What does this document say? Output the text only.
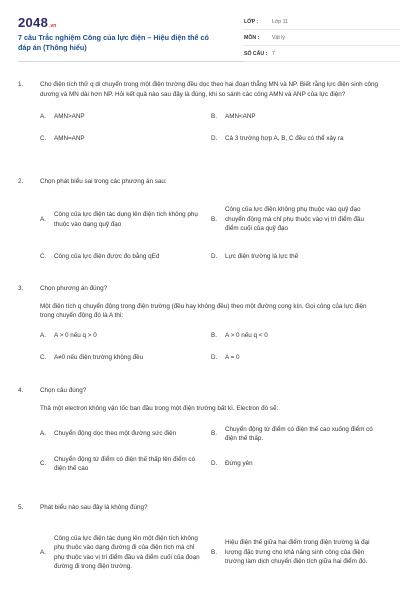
2048.vn
7 câu Trắc nghiệm Công của lực điện – Hiệu điện thế có đáp án (Thông hiểu)
LỚP :	Lớp 11
MÔN :	Vật lý
SỐ CÂU : 7
1.	Cho điện tích thử q di chuyển trong một điện trường đều dọc theo hai đoạn thẳng MN và NP. Biết rằng lực điện sinh công dương và MN dài hơn NP. Hỏi kết quả nào sau đây là đúng, khi so sánh các công AMN và ANP của lực điện?
A.	AMN>ANP	B.	AMN<ANP
C.	AMN=ANP	D.	Cả 3 trường hợp A, B, C đều có thể xảy ra
2.	Chọn phát biểu sai trong các phương án sau:
A.
Công của lực điện tác dụng lên điện tích không phụ thuộc vào dạng quỹ đạo
B.
Công của lực điện không phụ thuộc vào quỹ đạo chuyển động mà chỉ phụ thuộc vào vị trí điểm đầu điểm cuối của quỹ đạo
C.	Công của lực điện được đo bằng qEd	D.	Lực điện trường là lực thế
3.	Chọn phương án đúng?
Một điện tích q chuyển động trong điện trường (đều hay không đều) theo một đường cong kín. Gọi công của lực điện trong chuyển động đó là A thì:
A.	A > 0 nếu q > 0	B.	A > 0 nếu q < 0
C.	A≠0 nếu điện trường không đều	D.	A = 0
4.	Chọn câu đúng?
Thả một electron không vận tốc ban đầu trong một điện trường bất kì. Electron đó sẽ:
A.	Chuyển động dọc theo một đường sức điện	B.
Chuyển động từ điểm có điện thế cao xuống điểm có điện thế thấp.
C.
Chuyển động từ điểm có điện thế thấp lên điểm có điện thế cao
D.	Đứng yên
5.	Phát biểu nào sau đây là không đúng?
A.
Công của lực điện tác dụng lên một điện tích không phụ thuộc vào dạng đường đi của điện tích mà chỉ phụ thuộc vào vị trí điểm đầu và điểm cuối của đoạn đường đi trong điện trường.
B.
Hiệu điện thế giữa hai điểm trong điện trường là đại lượng đặc trưng cho khả năng sinh công của điện trường làm dịch chuyển điện tích giữa hai điểm đó.
